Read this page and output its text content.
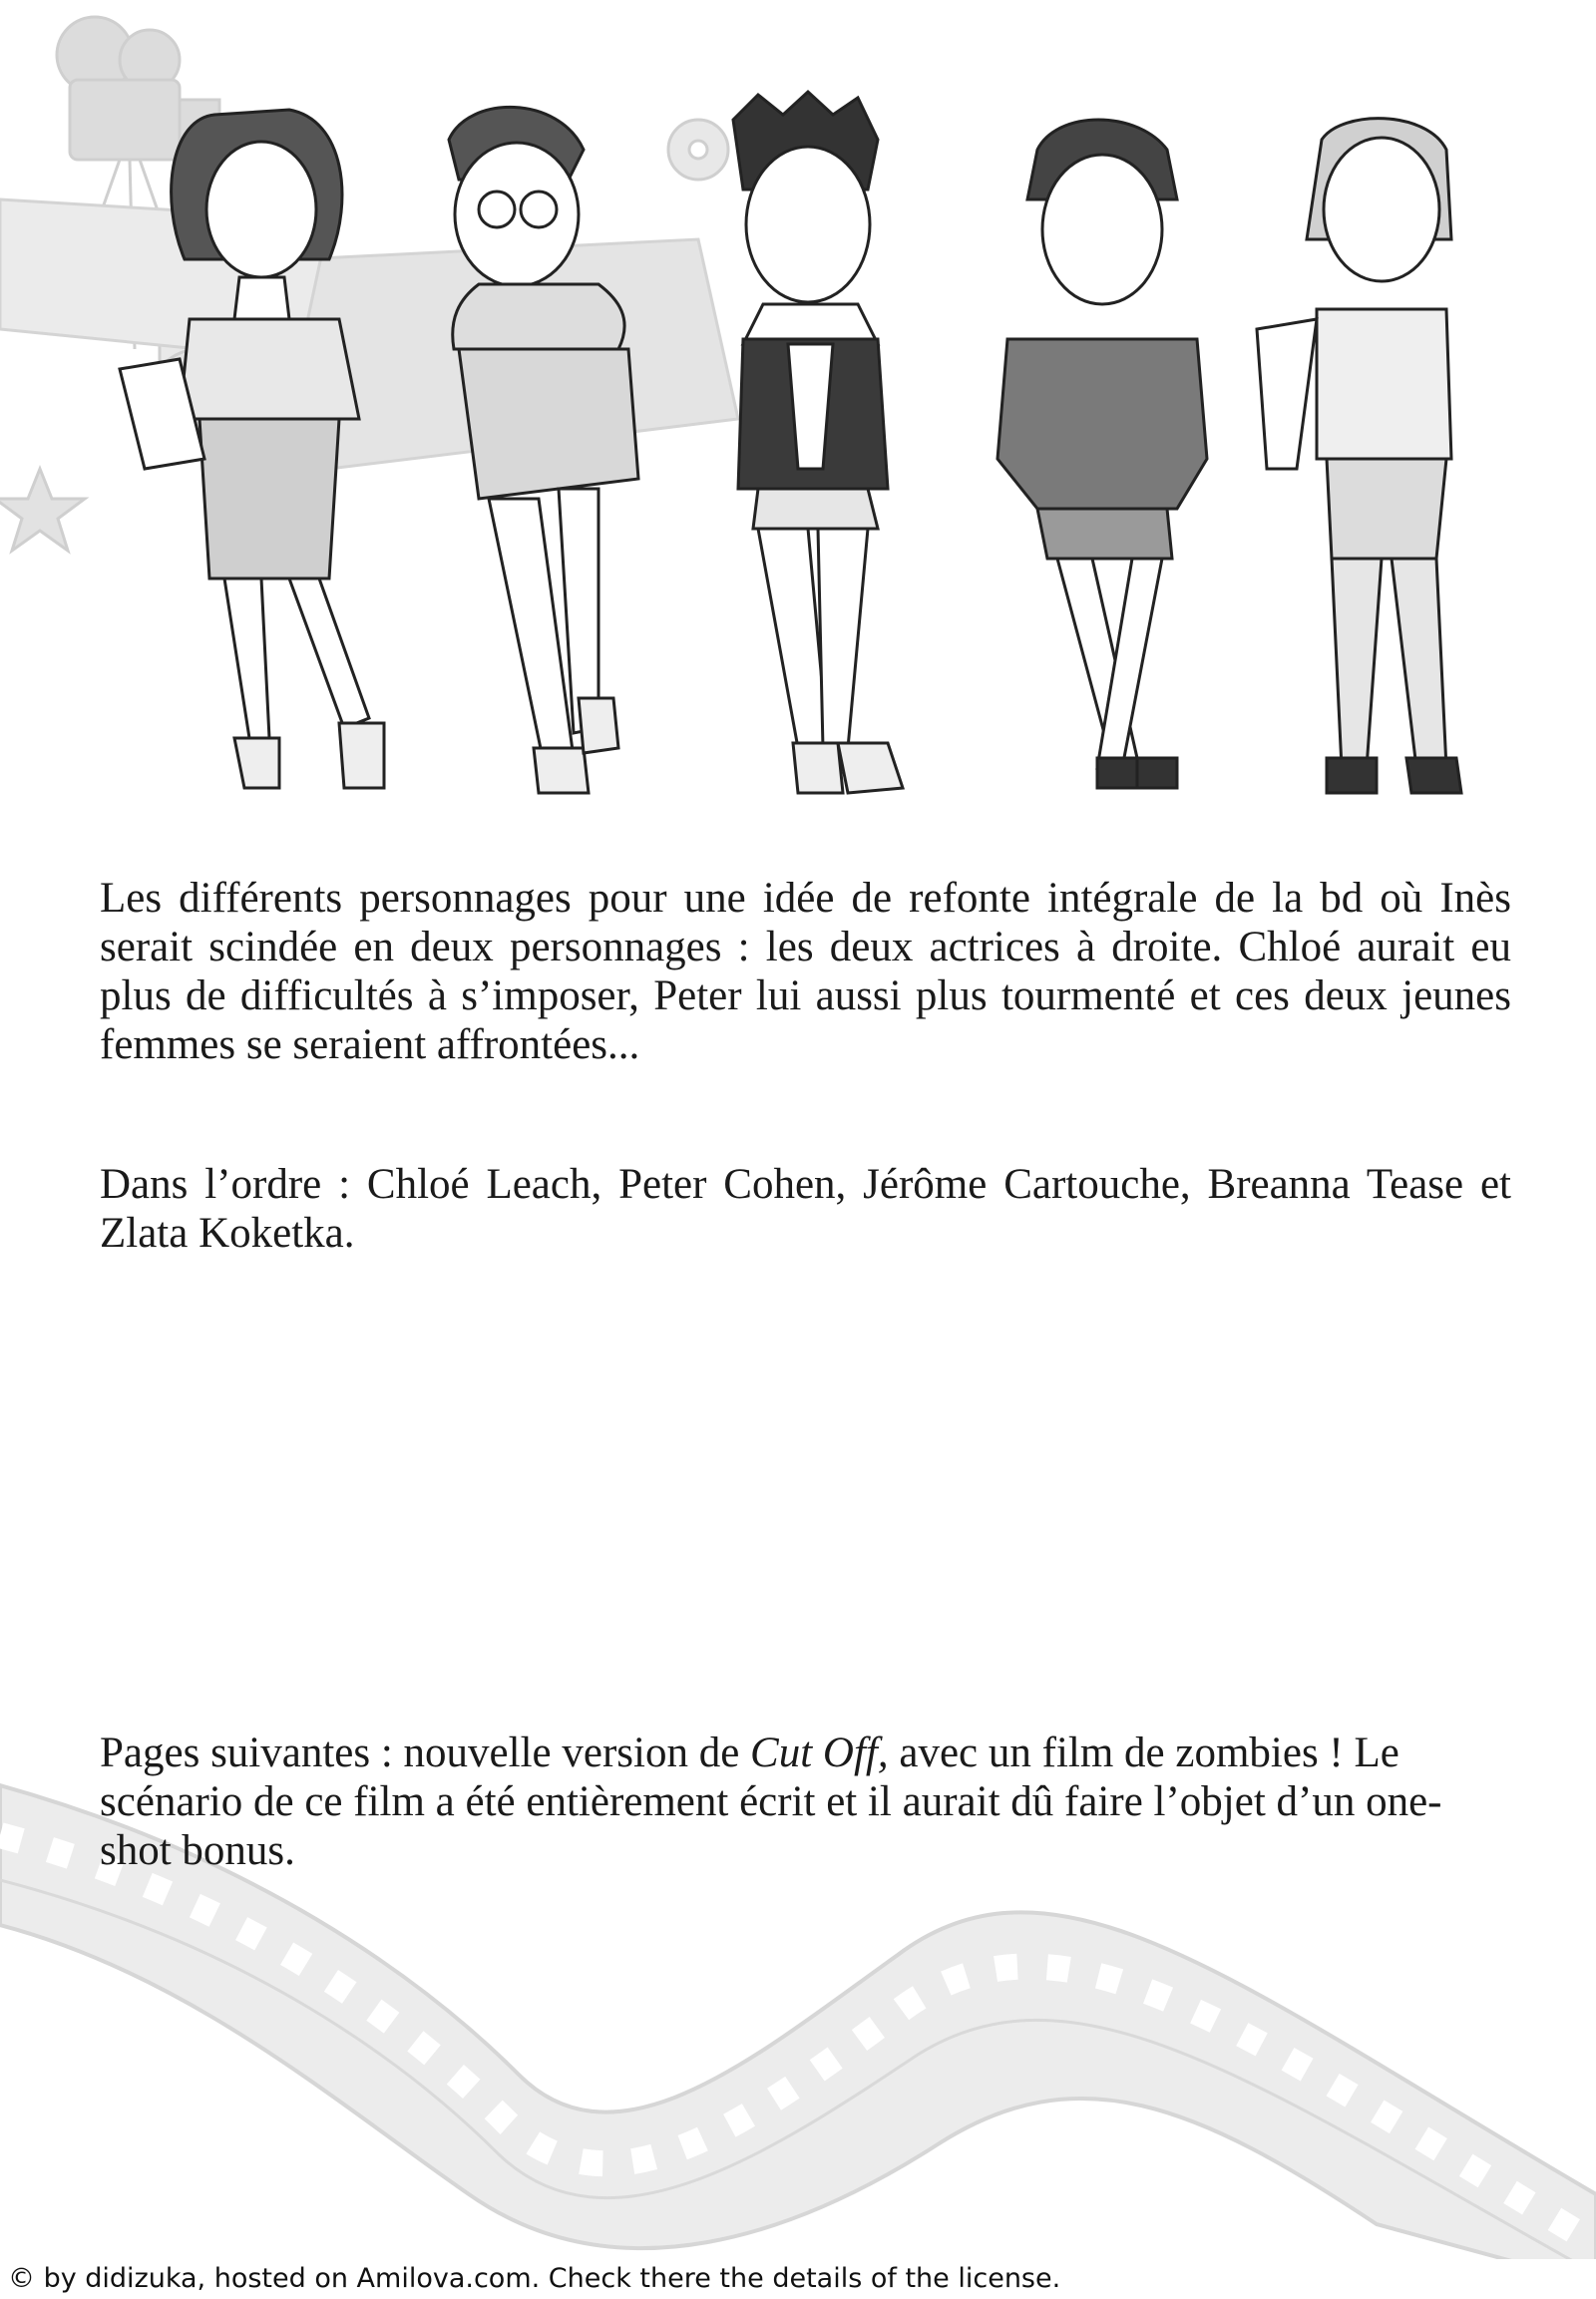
Les différents personnages pour une idée de refonte intégrale de la bd où Inès serait scindée en deux personnages : les deux actrices à droite. Chloé aurait eu plus de difficultés à s’imposer, Peter lui aussi plus tourmenté et ces deux jeunes femmes se seraient affrontées...

Dans l’ordre : Chloé Leach, Peter Cohen, Jérôme Cartouche, Breanna Tease et Zlata Koketka.

Pages suivantes : nouvelle version de Cut Off, avec un film de zombies ! Le scénario de ce film a été entièrement écrit et il aurait dû faire l’objet d’un one-shot bonus.

© by didizuka, hosted on Amilova.com. Check there the details of the license.
